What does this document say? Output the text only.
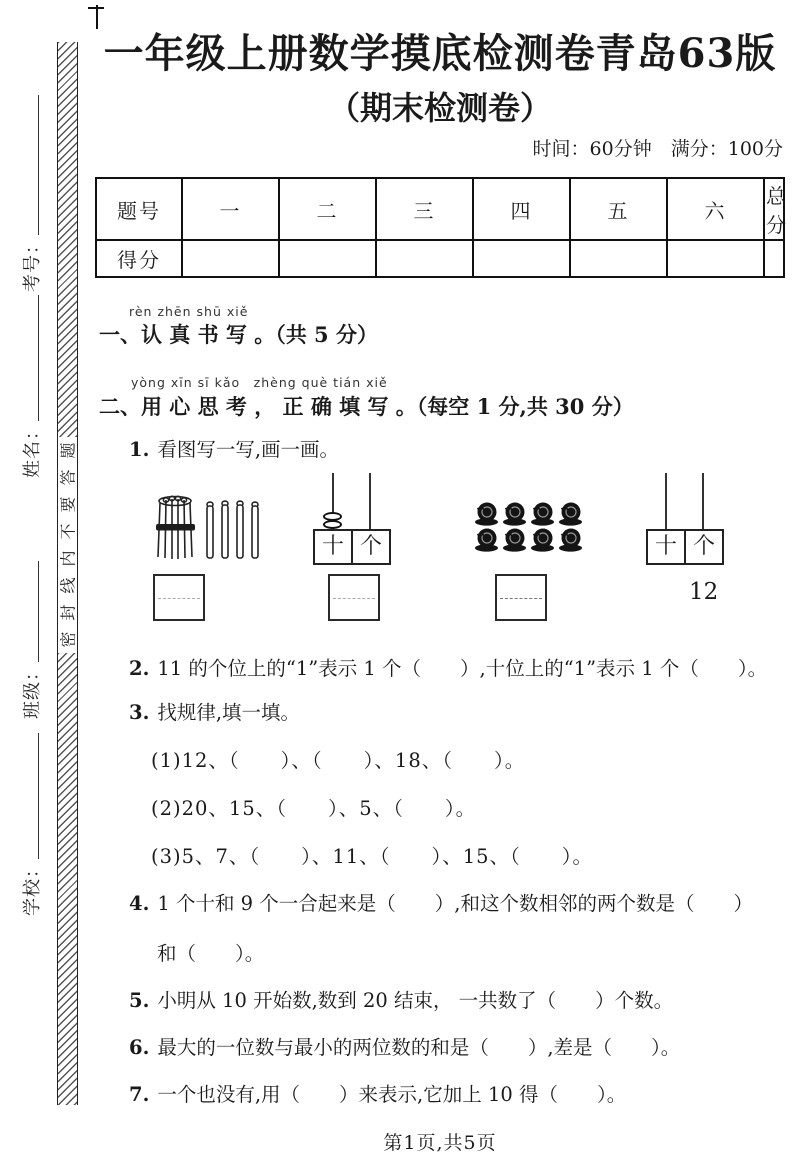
题
答
要
不
内
线
封
密
考号：
姓名：
班级：
学校：
一年级上册数学摸底检测卷青岛63版
（期末检测卷）
时间：60分钟　满分：100分
题号	一	二	三	四	五	六	总分
得分							
rèn zhēn shū xiě
一、认 真 书 写 。（共 5 分）
yòng xīn sī kǎo　zhèng què tián xiě
二、用 心 思 考 ， 正 确 填 写 。（每空 1 分,共 30 分）
1. 看图写一写,画一画。
十 个	十 个
12
2. 11 的个位上的“1”表示 1 个（　　）,十位上的“1”表示 1 个（　　）。
3. 找规律,填一填。
(1)12、（　　）、（　　）、18、（　　）。
(2)20、15、（　　）、5、（　　）。
(3)5、7、（　　）、11、（　　）、15、（　　）。
4. 1 个十和 9 个一合起来是（　　）,和这个数相邻的两个数是（　　）
和（　　）。
5. 小明从 10 开始数,数到 20 结束， 一共数了（　　）个数。
6. 最大的一位数与最小的两位数的和是（　　）,差是（　　）。
7. 一个也没有,用（　　）来表示,它加上 10 得（　　）。
第1页,共5页
